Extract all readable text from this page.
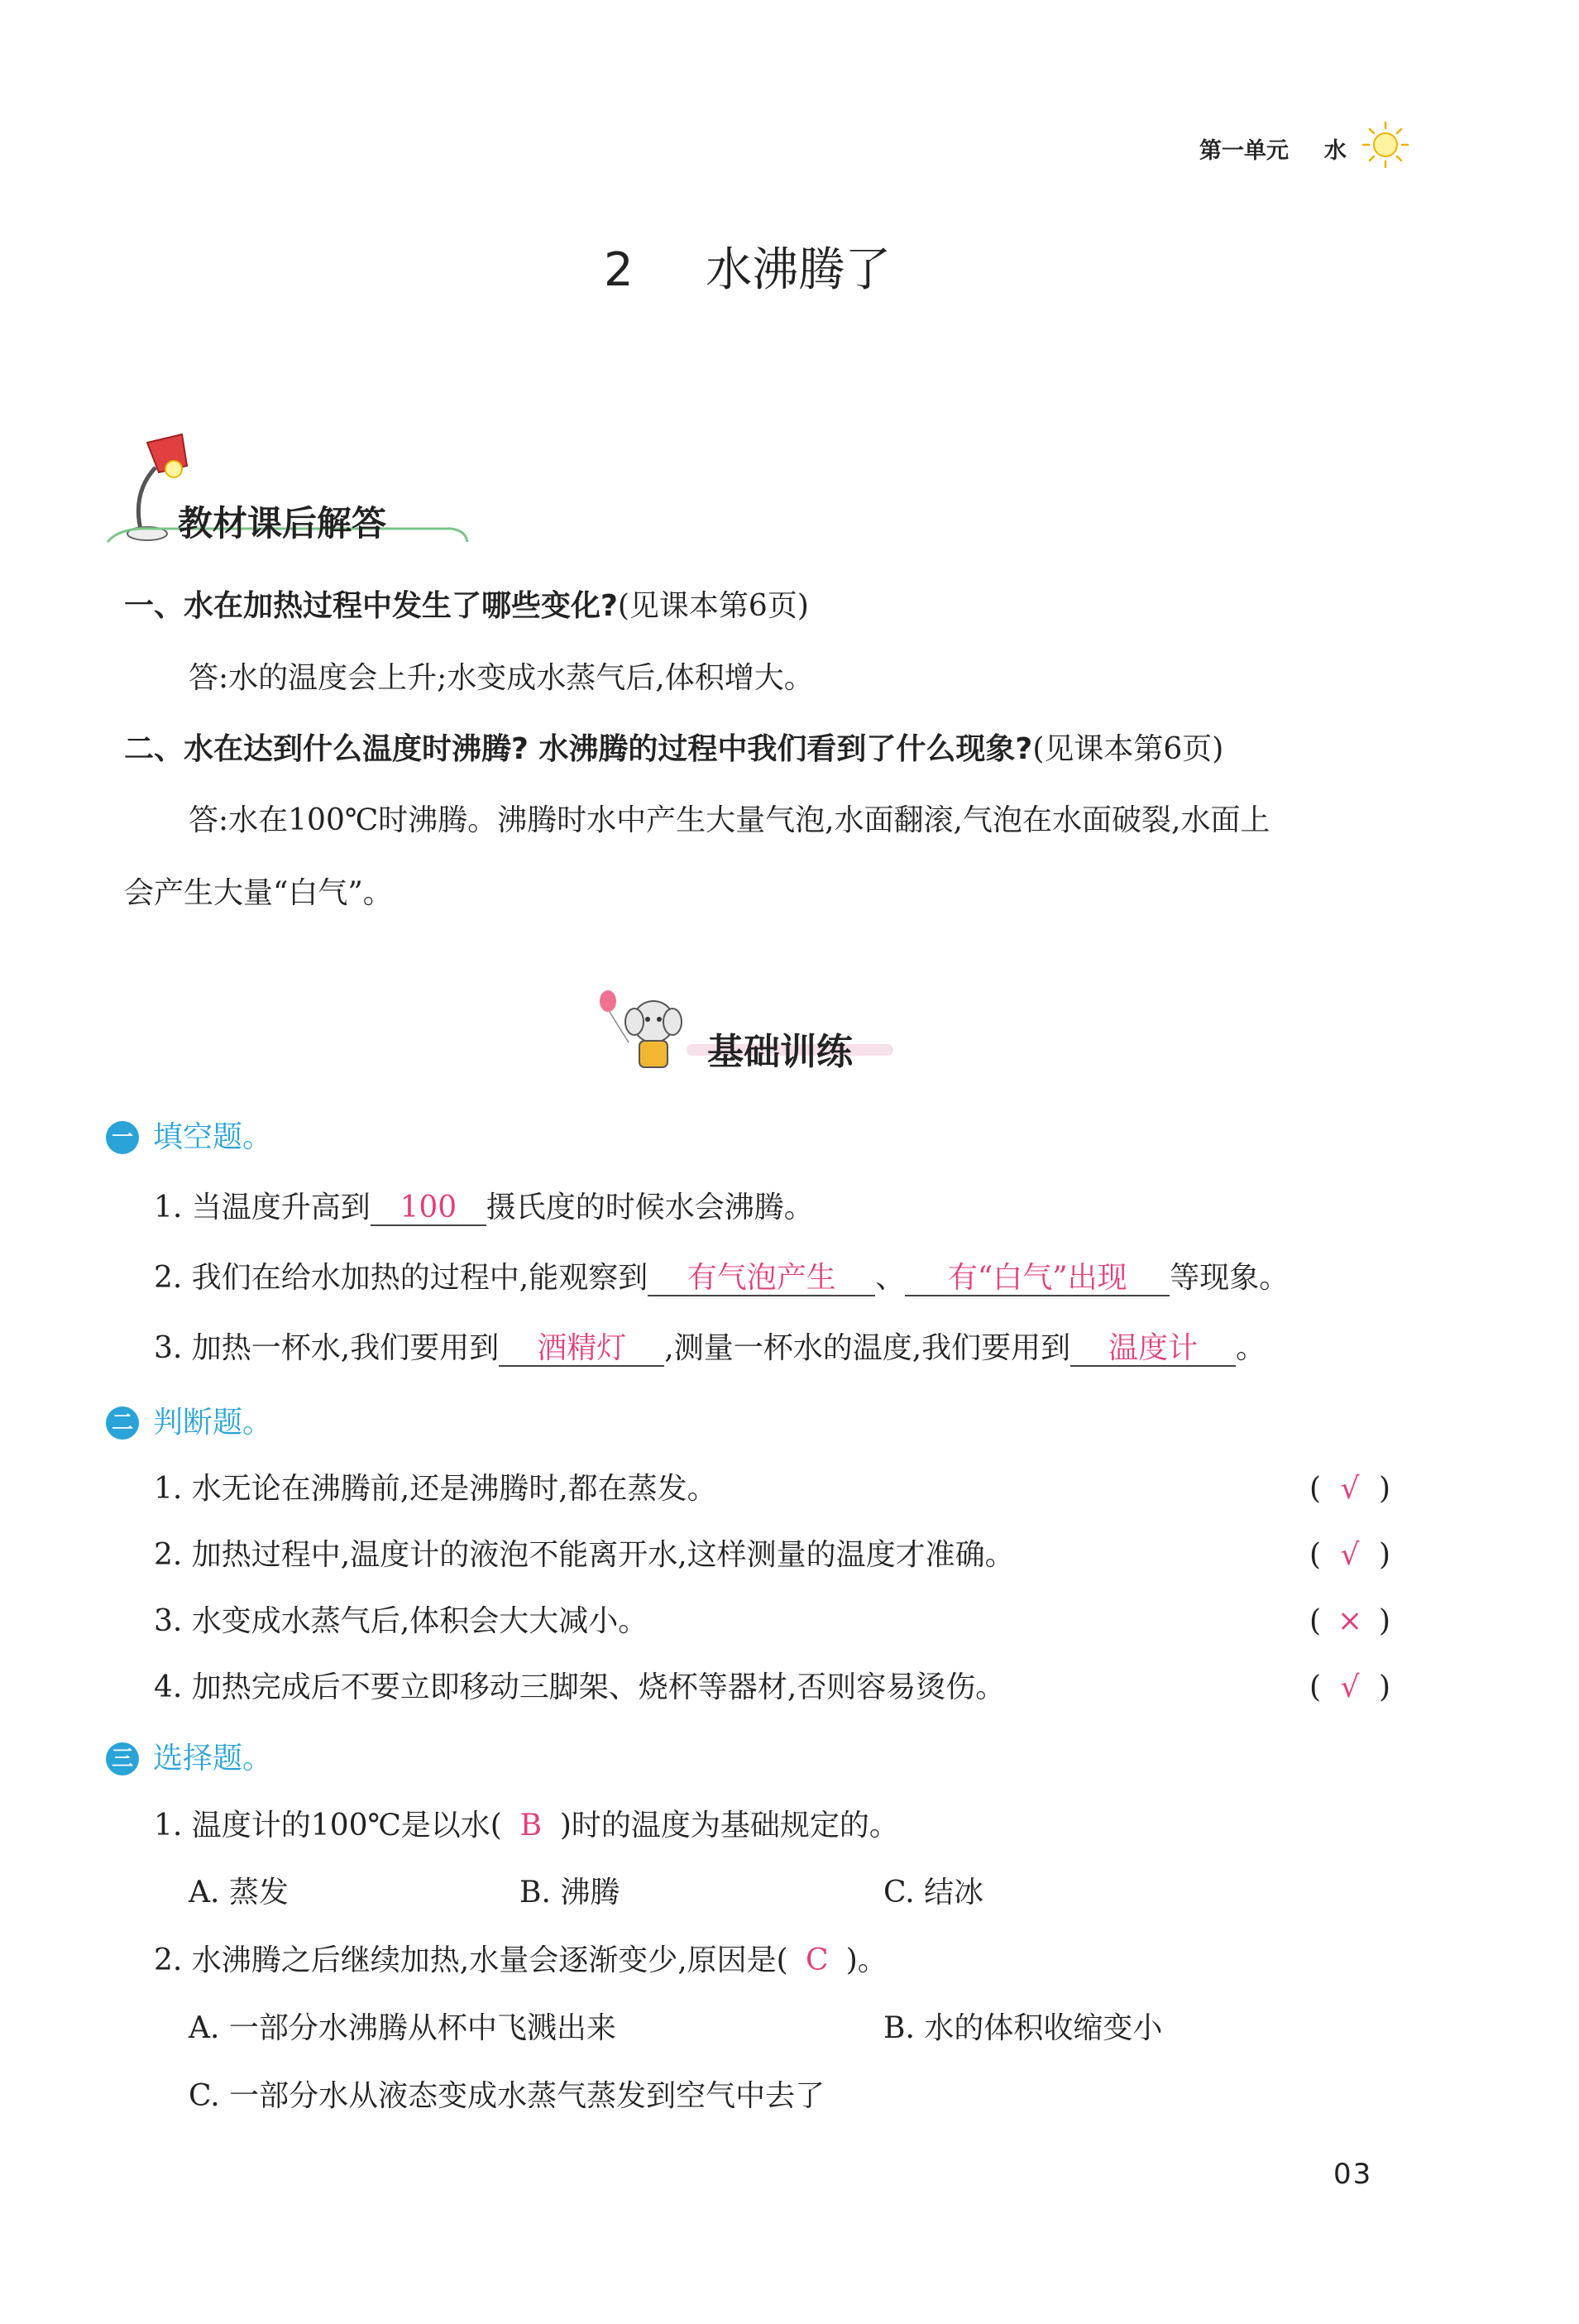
第一单元 水
2 水沸腾了
教材课后解答
一、水在加热过程中发生了哪些变化?(见课本第6页)
答:水的温度会上升;水变成水蒸气后,体积增大。
二、水在达到什么温度时沸腾? 水沸腾的过程中我们看到了什么现象?(见课本第6页)
答:水在100℃时沸腾。沸腾时水中产生大量气泡,水面翻滚,气泡在水面破裂,水面上
会产生大量“白气”。
基础训练
一 填空题。
1. 当温度升高到 100 摄氏度的时候水会沸腾。
2. 我们在给水加热的过程中,能观察到 有气泡产生 、 有“白气”出现 等现象。
3. 加热一杯水,我们要用到 酒精灯 ,测量一杯水的温度,我们要用到 温度计 。
二 判断题。
1. 水无论在沸腾前,还是沸腾时,都在蒸发。	( √ )
2. 加热过程中,温度计的液泡不能离开水,这样测量的温度才准确。	( √ )
3. 水变成水蒸气后,体积会大大减小。	( × )
4. 加热完成后不要立即移动三脚架、烧杯等器材,否则容易烫伤。	( √ )
三 选择题。
1. 温度计的100℃是以水( B )时的温度为基础规定的。
A. 蒸发	B. 沸腾	C. 结冰
2. 水沸腾之后继续加热,水量会逐渐变少,原因是( C )。
A. 一部分水沸腾从杯中飞溅出来	B. 水的体积收缩变小
C. 一部分水从液态变成水蒸气蒸发到空气中去了
03
